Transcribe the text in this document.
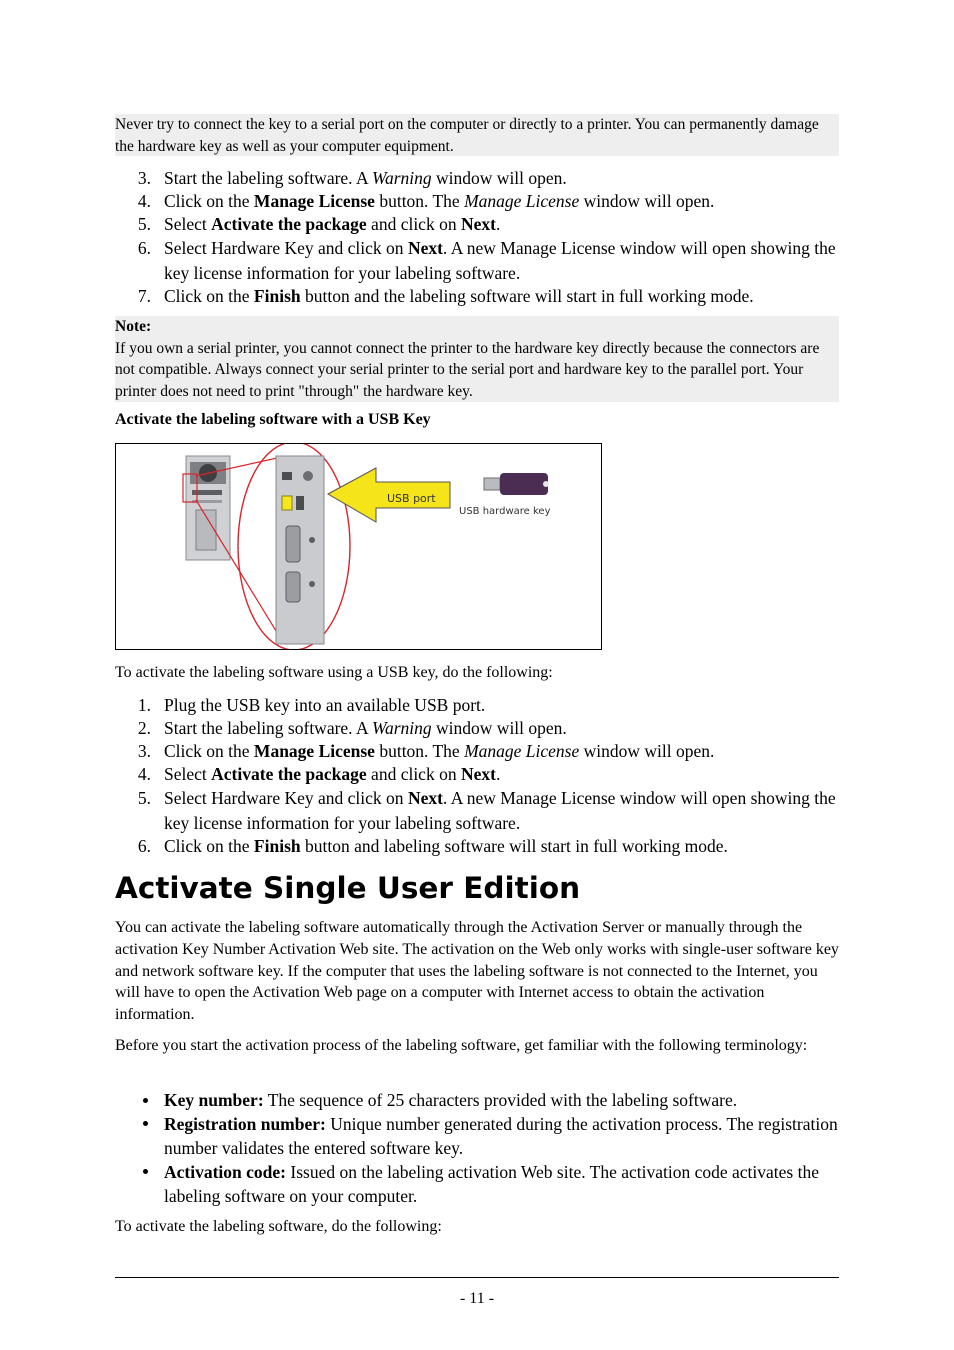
Never try to connect the key to a serial port on the computer or directly to a printer. You can permanently damage the hardware key as well as your computer equipment.

3. Start the labeling software. A Warning window will open.
4. Click on the Manage License button. The Manage License window will open.
5. Select Activate the package and click on Next.
6. Select Hardware Key and click on Next. A new Manage License window will open showing the key license information for your labeling software.
7. Click on the Finish button and the labeling software will start in full working mode.

Note:

If you own a serial printer, you cannot connect the printer to the hardware key directly because the connectors are not compatible. Always connect your serial printer to the serial port and hardware key to the parallel port. Your printer does not need to print "through" the hardware key.

Activate the labeling software with a USB Key

USB port
USB hardware key

To activate the labeling software using a USB key, do the following:

1. Plug the USB key into an available USB port.
2. Start the labeling software. A Warning window will open.
3. Click on the Manage License button. The Manage License window will open.
4. Select Activate the package and click on Next.
5. Select Hardware Key and click on Next. A new Manage License window will open showing the key license information for your labeling software.
6. Click on the Finish button and labeling software will start in full working mode.
Activate Single User Edition

You can activate the labeling software automatically through the Activation Server or manually through the activation Key Number Activation Web site. The activation on the Web only works with single-user software key and network software key. If the computer that uses the labeling software is not connected to the Internet, you will have to open the Activation Web page on a computer with Internet access to obtain the activation information.

Before you start the activation process of the labeling software, get familiar with the following terminology:

Key number: The sequence of 25 characters provided with the labeling software.
Registration number: Unique number generated during the activation process. The registration number validates the entered software key.
Activation code: Issued on the labeling activation Web site. The activation code activates the labeling software on your computer.

To activate the labeling software, do the following:

- 11 -
